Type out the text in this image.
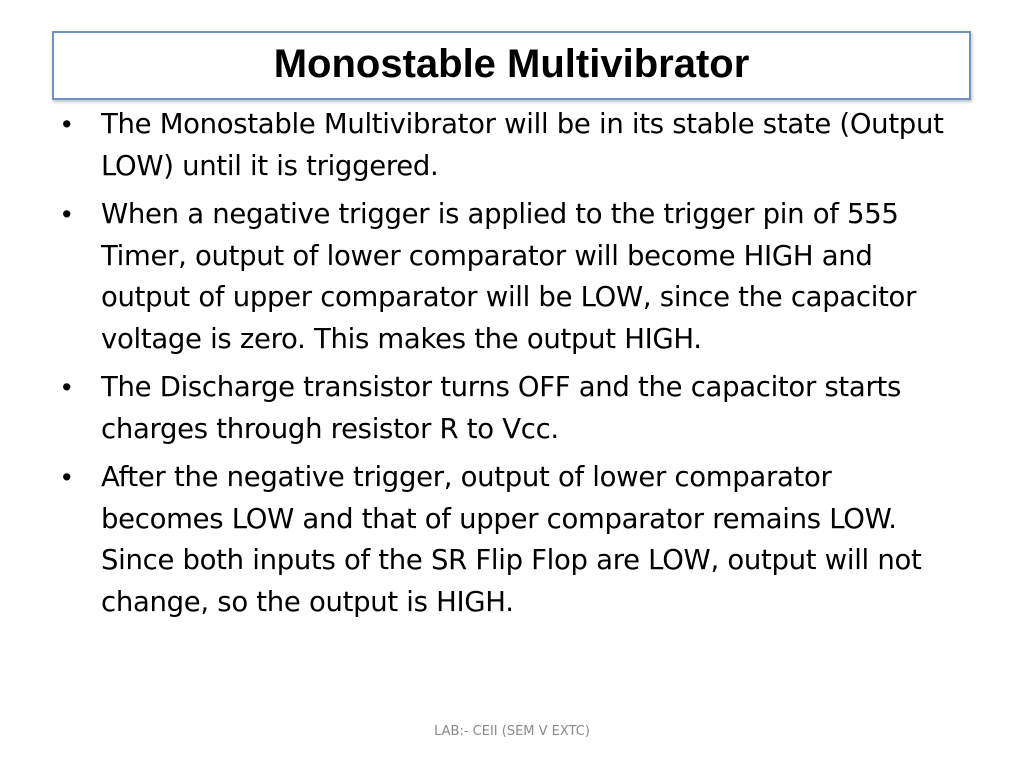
Monostable Multivibrator
• The Monostable Multivibrator will be in its stable state (Output LOW) until it is triggered.
• When a negative trigger is applied to the trigger pin of 555 Timer, output of lower comparator will become HIGH and output of upper comparator will be LOW, since the capacitor voltage is zero. This makes the output HIGH.
• The Discharge transistor turns OFF and the capacitor starts charges through resistor R to Vcc.
• After the negative trigger, output of lower comparator becomes LOW and that of upper comparator remains LOW. Since both inputs of the SR Flip Flop are LOW, output will not change, so the output is HIGH.
LAB:- CEII (SEM V EXTC)
